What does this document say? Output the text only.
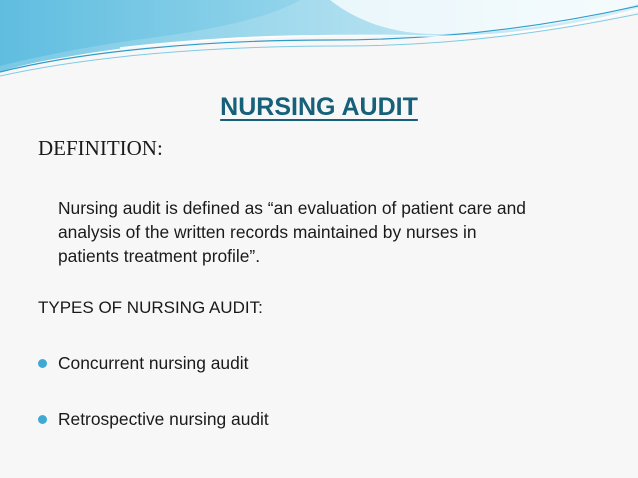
NURSING AUDIT
DEFINITION:
Nursing audit is defined as “an evaluation of patient care and
analysis of the written records maintained by nurses in
patients treatment profile”.
TYPES OF NURSING AUDIT:
Concurrent nursing audit
Retrospective nursing audit
